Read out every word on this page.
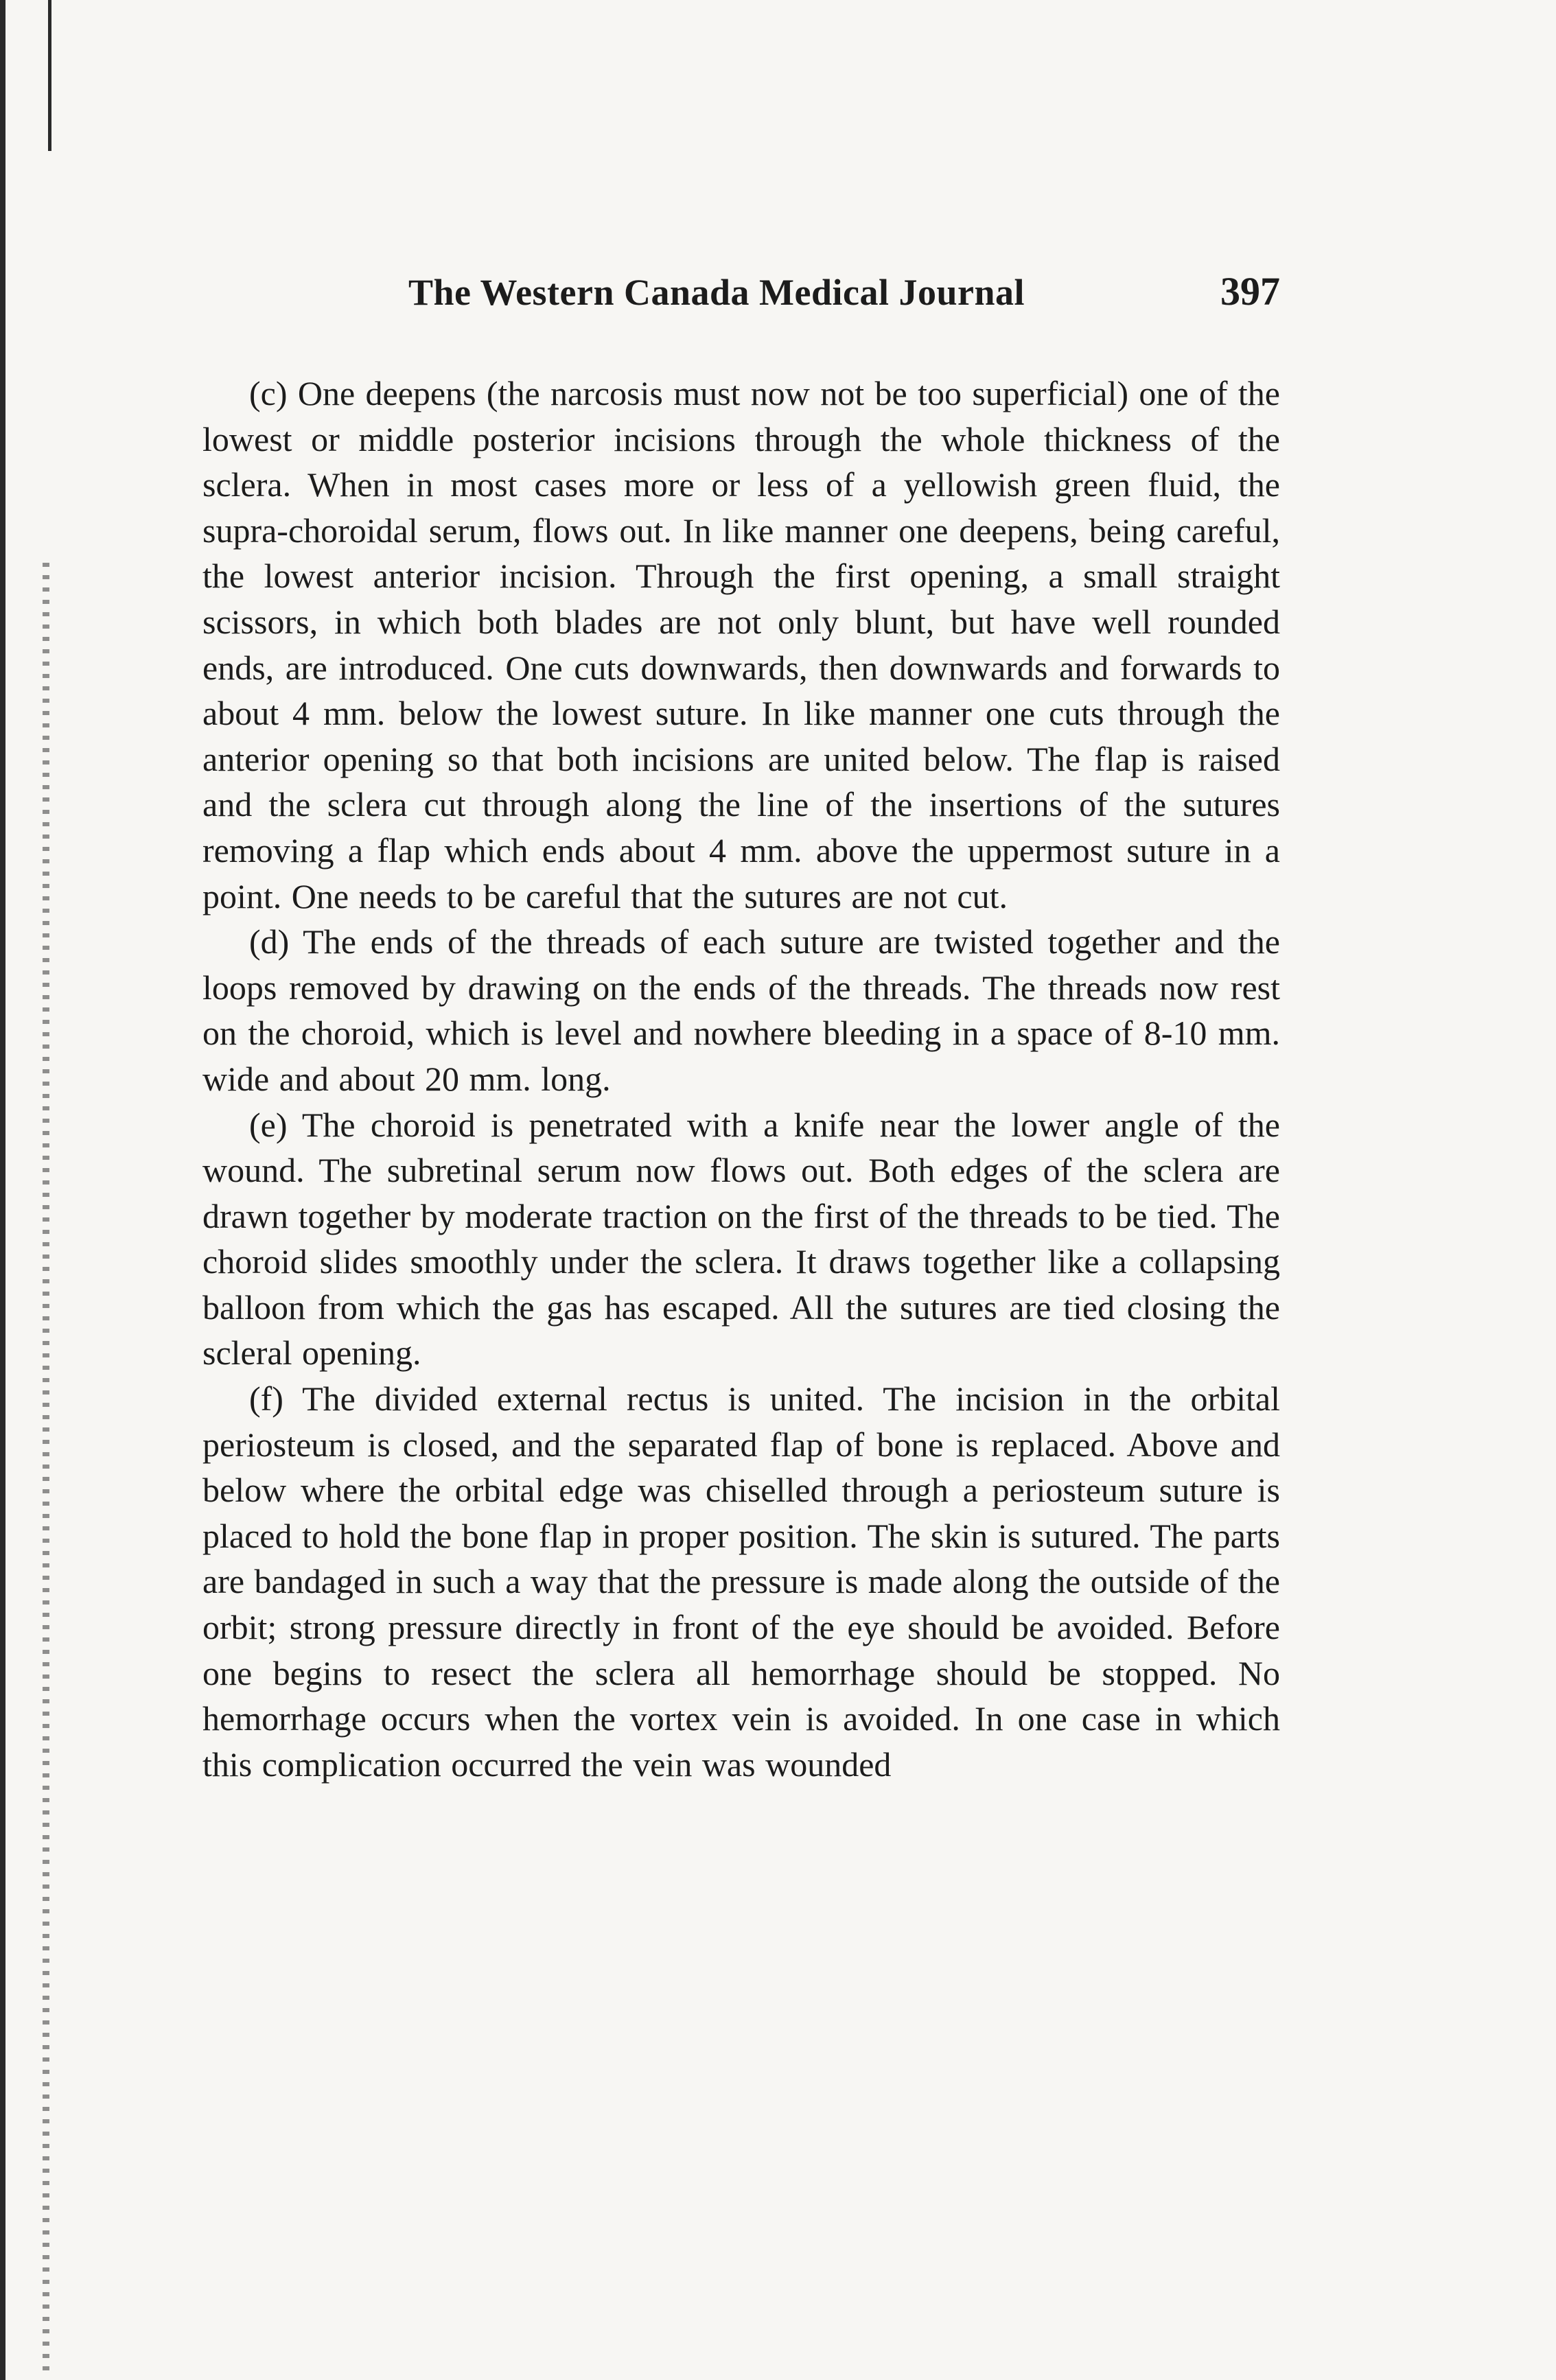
The Western Canada Medical Journal	397

(c) One deepens (the narcosis must now not be too superficial) one of the lowest or middle posterior incisions through the whole thickness of the sclera. When in most cases more or less of a yellowish green fluid, the supra-choroidal serum, flows out. In like manner one deepens, being careful, the lowest anterior incision. Through the first opening, a small straight scissors, in which both blades are not only blunt, but have well rounded ends, are introduced. One cuts downwards, then downwards and forwards to about 4 mm. below the lowest suture. In like manner one cuts through the anterior opening so that both incisions are united below. The flap is raised and the sclera cut through along the line of the insertions of the sutures removing a flap which ends about 4 mm. above the uppermost suture in a point. One needs to be careful that the sutures are not cut.

(d) The ends of the threads of each suture are twisted together and the loops removed by drawing on the ends of the threads. The threads now rest on the choroid, which is level and nowhere bleeding in a space of 8-10 mm. wide and about 20 mm. long.

(e) The choroid is penetrated with a knife near the lower angle of the wound. The subretinal serum now flows out. Both edges of the sclera are drawn together by moderate traction on the first of the threads to be tied. The choroid slides smoothly under the sclera. It draws together like a collapsing balloon from which the gas has escaped. All the sutures are tied closing the scleral opening.

(f) The divided external rectus is united. The incision in the orbital periosteum is closed, and the separated flap of bone is replaced. Above and below where the orbital edge was chiselled through a periosteum suture is placed to hold the bone flap in proper position. The skin is sutured. The parts are bandaged in such a way that the pressure is made along the outside of the orbit; strong pressure directly in front of the eye should be avoided. Before one begins to resect the sclera all hemorrhage should be stopped. No hemorrhage occurs when the vortex vein is avoided. In one case in which this complication occurred the vein was wounded
